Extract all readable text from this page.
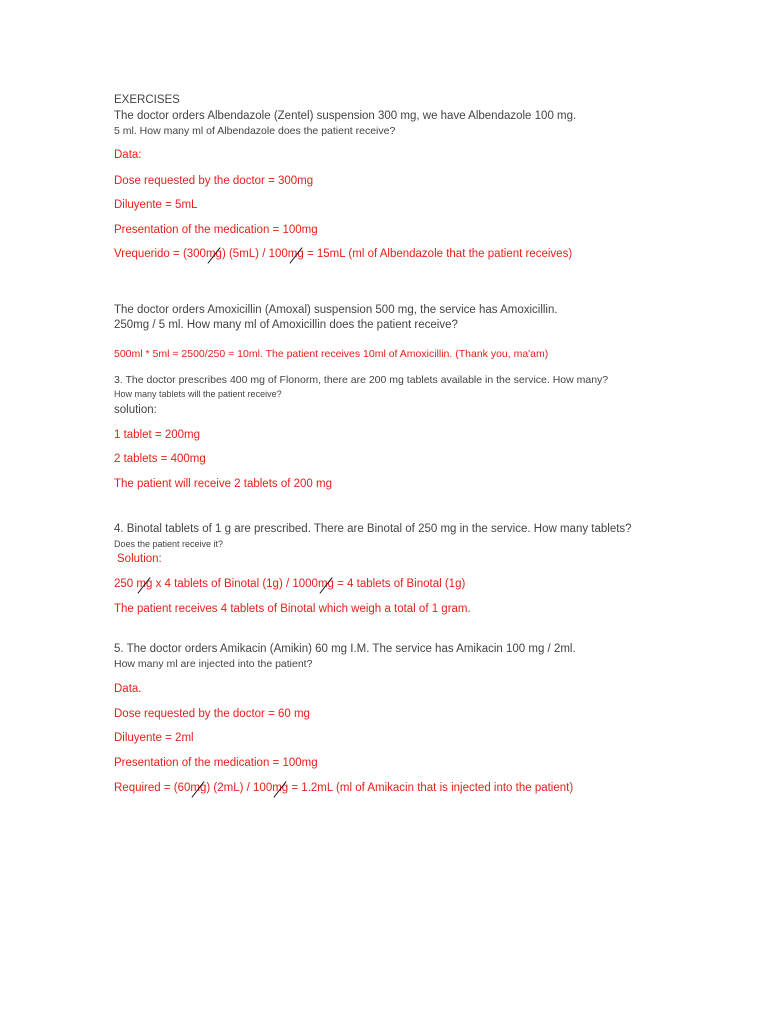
EXERCISES
The doctor orders Albendazole (Zentel) suspension 300 mg, we have Albendazole 100 mg.
5 ml. How many ml of Albendazole does the patient receive?
Data:
Dose requested by the doctor = 300mg
Diluyente = 5mL
Presentation of the medication = 100mg
Vrequerido = (300mg) (5mL) / 100mg = 15mL (ml of Albendazole that the patient receives)
The doctor orders Amoxicillin (Amoxal) suspension 500 mg, the service has Amoxicillin.
250mg / 5 ml. How many ml of Amoxicillin does the patient receive?
500ml * 5ml = 2500/250 = 10ml. The patient receives 10ml of Amoxicillin. (Thank you, ma'am)
3. The doctor prescribes 400 mg of Flonorm, there are 200 mg tablets available in the service. How many?
How many tablets will the patient receive?
solution:
1 tablet = 200mg
2 tablets = 400mg
The patient will receive 2 tablets of 200 mg
4. Binotal tablets of 1 g are prescribed. There are Binotal of 250 mg in the service. How many tablets?
Does the patient receive it?
Solution:
250 mg x 4 tablets of Binotal (1g) / 1000mg = 4 tablets of Binotal (1g)
The patient receives 4 tablets of Binotal which weigh a total of 1 gram.
5. The doctor orders Amikacin (Amikin) 60 mg I.M. The service has Amikacin 100 mg / 2ml.
How many ml are injected into the patient?
Data.
Dose requested by the doctor = 60 mg
Diluyente = 2ml
Presentation of the medication = 100mg
Required = (60mg) (2mL) / 100mg = 1.2mL (ml of Amikacin that is injected into the patient)
